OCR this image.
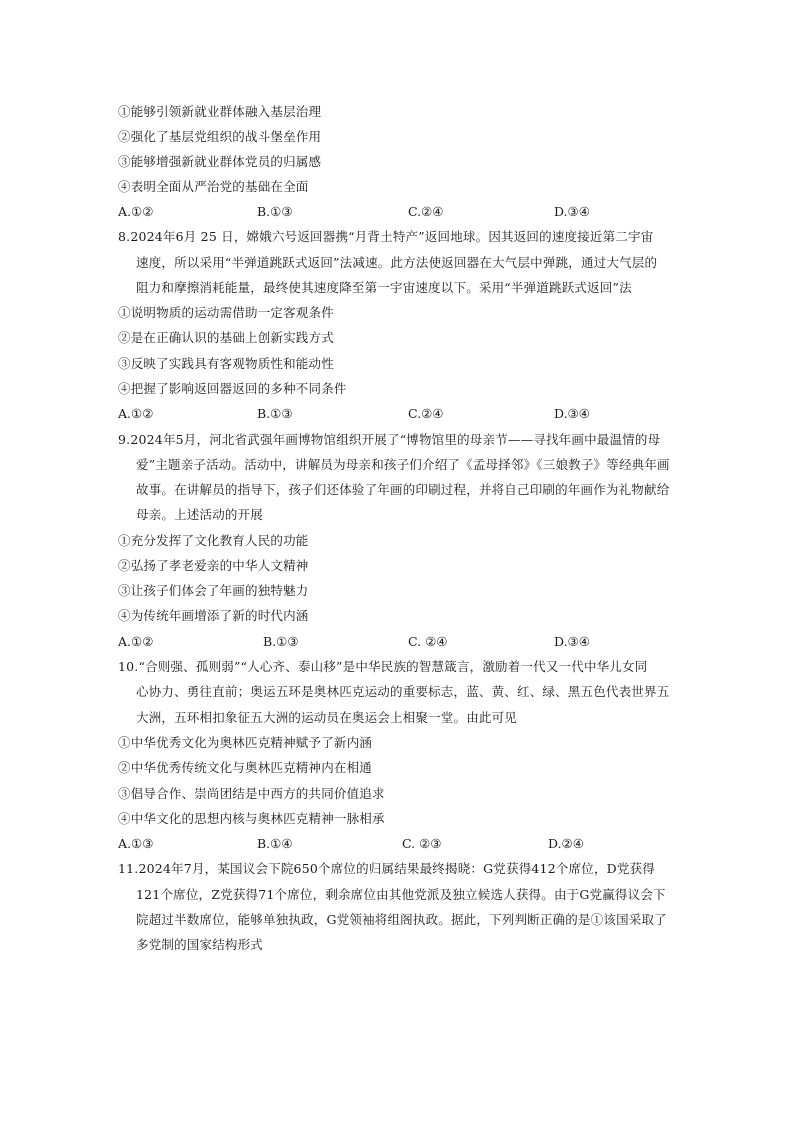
①能够引领新就业群体融入基层治理
②强化了基层党组织的战斗堡垒作用
③能够增强新就业群体党员的归属感
④表明全面从严治党的基础在全面
A.①②	B.①③	C.②④	D.③④
8.2024年6月 25 日，嫦娥六号返回器携“月背土特产”返回地球。因其返回的速度接近第二宇宙
速度，所以采用“半弹道跳跃式返回”法减速。此方法使返回器在大气层中弹跳，通过大气层的
阻力和摩擦消耗能量，最终使其速度降至第一宇宙速度以下。采用“半弹道跳跃式返回”法
①说明物质的运动需借助一定客观条件
②是在正确认识的基础上创新实践方式
③反映了实践具有客观物质性和能动性
④把握了影响返回器返回的多种不同条件
A.①②	B.①③	C.②④	D.③④
9.2024年5月，河北省武强年画博物馆组织开展了“博物馆里的母亲节——寻找年画中最温情的母
爱”主题亲子活动。活动中，讲解员为母亲和孩子们介绍了《孟母择邻》《三娘教子》等经典年画
故事。在讲解员的指导下，孩子们还体验了年画的印刷过程，并将自己印刷的年画作为礼物献给
母亲。上述活动的开展
①充分发挥了文化教育人民的功能
②弘扬了孝老爱亲的中华人文精神
③让孩子们体会了年画的独特魅力
④为传统年画增添了新的时代内涵
A.①②	B.①③	C. ②④	D.③④
10.“合则强、孤则弱”“人心齐、泰山移”是中华民族的智慧箴言，激励着一代又一代中华儿女同
心协力、勇往直前；奥运五环是奥林匹克运动的重要标志，蓝、黄、红、绿、黑五色代表世界五
大洲，五环相扣象征五大洲的运动员在奥运会上相聚一堂。由此可见
①中华优秀文化为奥林匹克精神赋予了新内涵
②中华优秀传统文化与奥林匹克精神内在相通
③倡导合作、崇尚团结是中西方的共同价值追求
④中华文化的思想内核与奥林匹克精神一脉相承
A.①③	B.①④	C. ②③	D.②④
11.2024年7月，某国议会下院650个席位的归属结果最终揭晓：G党获得412个席位，D党获得
121个席位，Z党获得71个席位，剩余席位由其他党派及独立候选人获得。由于G党赢得议会下
院超过半数席位，能够单独执政，G党领袖将组阁执政。据此，下列判断正确的是①该国采取了
多党制的国家结构形式
